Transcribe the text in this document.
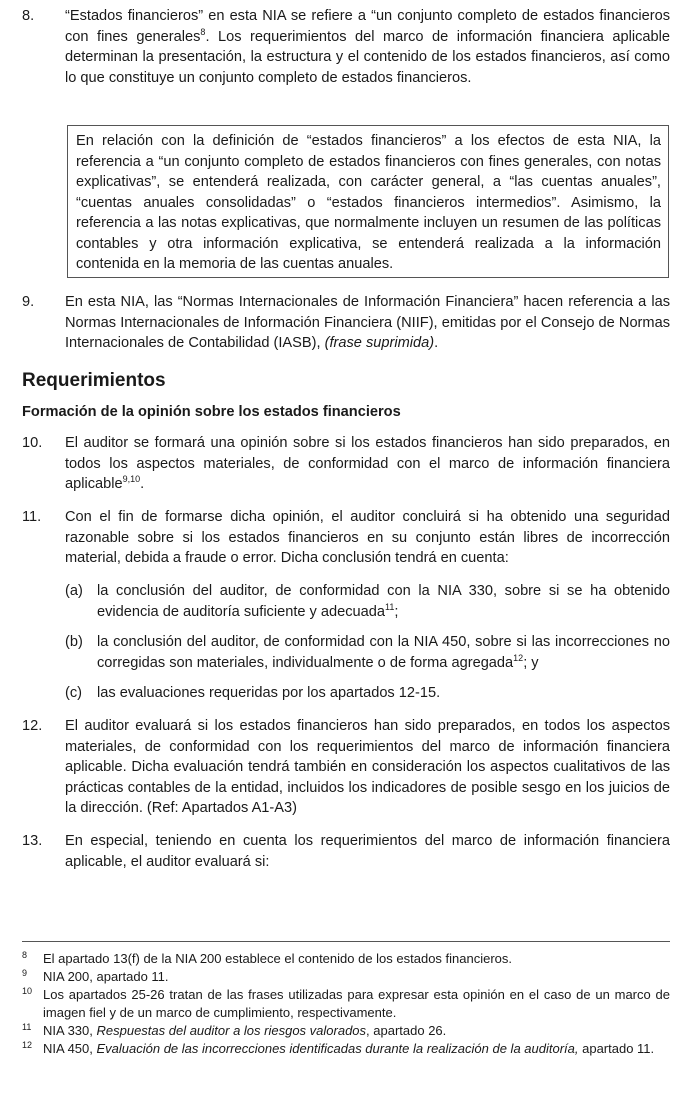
8. “Estados financieros” en esta NIA se refiere a “un conjunto completo de estados financieros con fines generales$^8$. Los requerimientos del marco de información financiera aplicable determinan la presentación, la estructura y el contenido de los estados financieros, así como lo que constituye un conjunto completo de estados financieros.
En relación con la definición de “estados financieros” a los efectos de esta NIA, la referencia a “un conjunto completo de estados financieros con fines generales, con notas explicativas”, se entenderá realizada, con carácter general, a “las cuentas anuales”, “cuentas anuales consolidadas” o “estados financieros intermedios”. Asimismo, la referencia a las notas explicativas, que normalmente incluyen un resumen de las políticas contables y otra información explicativa, se entenderá realizada a la información contenida en la memoria de las cuentas anuales.
9. En esta NIA, las “Normas Internacionales de Información Financiera” hacen referencia a las Normas Internacionales de Información Financiera (NIIF), emitidas por el Consejo de Normas Internacionales de Contabilidad (IASB), (frase suprimida).
Requerimientos
Formación de la opinión sobre los estados financieros
10. El auditor se formará una opinión sobre si los estados financieros han sido preparados, en todos los aspectos materiales, de conformidad con el marco de información financiera aplicable$^{9,10}$.
11. Con el fin de formarse dicha opinión, el auditor concluirá si ha obtenido una seguridad razonable sobre si los estados financieros en su conjunto están libres de incorrección material, debida a fraude o error. Dicha conclusión tendrá en cuenta:
(a) la conclusión del auditor, de conformidad con la NIA 330, sobre si se ha obtenido evidencia de auditoría suficiente y adecuada$^{11}$;
(b) la conclusión del auditor, de conformidad con la NIA 450, sobre si las incorrecciones no corregidas son materiales, individualmente o de forma agregada$^{12}$; y
(c) las evaluaciones requeridas por los apartados 12-15.
12. El auditor evaluará si los estados financieros han sido preparados, en todos los aspectos materiales, de conformidad con los requerimientos del marco de información financiera aplicable. Dicha evaluación tendrá también en consideración los aspectos cualitativos de las prácticas contables de la entidad, incluidos los indicadores de posible sesgo en los juicios de la dirección. (Ref: Apartados A1-A3)
13. En especial, teniendo en cuenta los requerimientos del marco de información financiera aplicable, el auditor evaluará si:
8 El apartado 13(f) de la NIA 200 establece el contenido de los estados financieros.
9 NIA 200, apartado 11.
10 Los apartados 25-26 tratan de las frases utilizadas para expresar esta opinión en el caso de un marco de imagen fiel y de un marco de cumplimiento, respectivamente.
11 NIA 330, Respuestas del auditor a los riesgos valorados, apartado 26.
12 NIA 450, Evaluación de las incorrecciones identificadas durante la realización de la auditoría, apartado 11.
